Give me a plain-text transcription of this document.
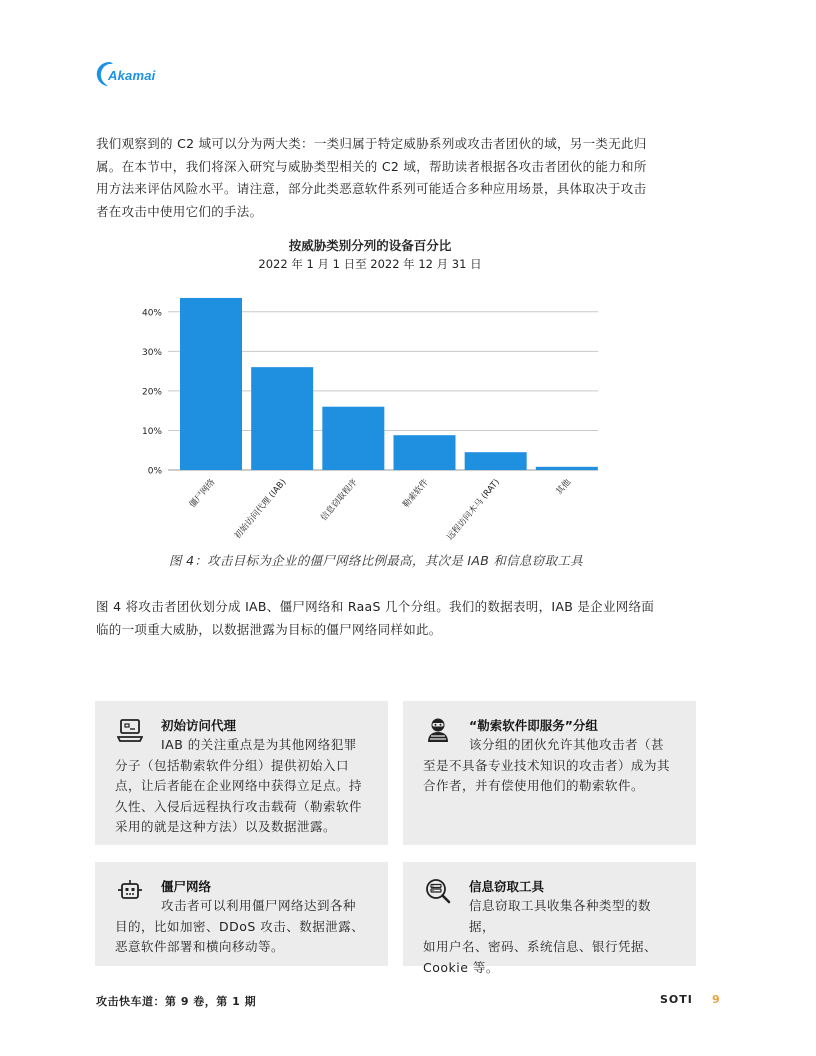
Akamai
我们观察到的 C2 域可以分为两大类：一类归属于特定威胁系列或攻击者团伙的域，另一类无此归属。在本节中，我们将深入研究与威胁类型相关的 C2 域，帮助读者根据各攻击者团伙的能力和所用方法来评估风险水平。请注意，部分此类恶意软件系列可能适合多种应用场景，具体取决于攻击者在攻击中使用它们的手法。
按威胁类别分列的设备百分比
2022 年 1 月 1 日至 2022 年 12 月 31 日
0%
10%
20%
30%
40%
僵尸网络 初始访问代理 (IAB)	信息窃取程序	勒索软件 远程访问木马 (RAT)	其他
图 4：攻击目标为企业的僵尸网络比例最高，其次是 IAB 和信息窃取工具
图 4 将攻击者团伙划分成 IAB、僵尸网络和 RaaS 几个分组。我们的数据表明，IAB 是企业网络面临的一项重大威胁，以数据泄露为目标的僵尸网络同样如此。
初始访问代理
IAB 的关注重点是为其他网络犯罪
分子（包括勒索软件分组）提供初始入口点，让后者能在企业网络中获得立足点。持久性、入侵后远程执行攻击载荷（勒索软件采用的就是这种方法）以及数据泄露。
“勒索软件即服务”分组
该分组的团伙允许其他攻击者（甚
至是不具备专业技术知识的攻击者）成为其合作者，并有偿使用他们的勒索软件。
僵尸网络
攻击者可以利用僵尸网络达到各种
目的，比如加密、DDoS 攻击、数据泄露、恶意软件部署和横向移动等。
信息窃取工具
信息窃取工具收集各种类型的数据，
如用户名、密码、系统信息、银行凭据、Cookie 等。
攻击快车道：第 9 卷，第 1 期	SOTI 9
